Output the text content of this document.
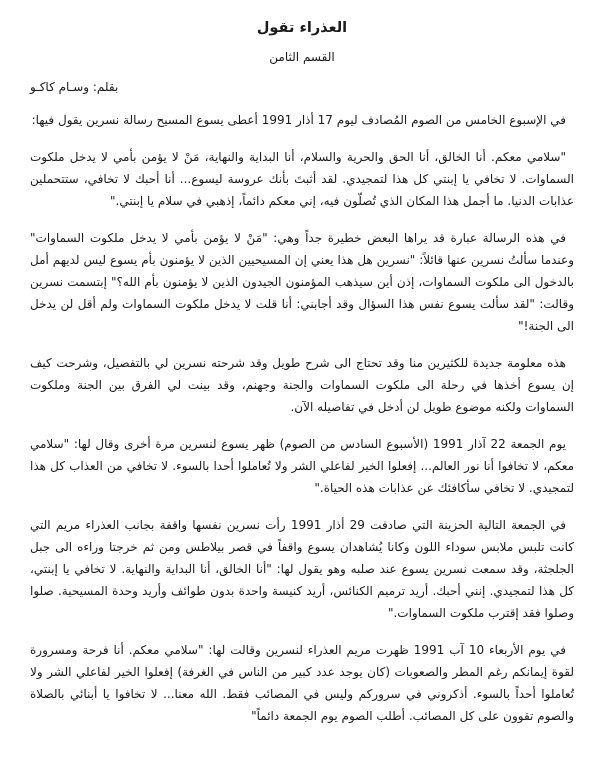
العذراء تقول
القسم الثامن
بقلم: وسـام كاكـو

في الإسبوع الخامس من الصوم المُصادف ليوم 17 أذار 1991 أعطى يسوع المسيح رسالة نسرين يقول فيها:

"سلامي معكم. أنا الخالق، أنا الحق والحرية والسلام، أنا البداية والنهاية، مَنْ لا يؤمن بأمي لا يدخل ملكوت السماوات. لا تخافي يا إبنتي كل هذا لتمجيدي. لقد أثبتَ بأنك عروسة ليسوع... أنا أحبك لا تخافي، ستتحملين عذابات الدنيا. ما أجمل هذا المكان الذي تُصلّون فيه، إني معكم دائماً، إذهبي في سلام يا إبنتي."

في هذه الرسالة عبارة قد يراها البعض خطيرة جداً وهي: "مَنْ لا يؤمن بأمي لا يدخل ملكوت السماوات" وعندما سألتُ نسرين عنها قائلاً: "نسرين هل هذا يعني إن المسيحيين الذين لا يؤمنون بأم يسوع ليس لديهم أمل بالدخول الى ملكوت السماوات، إذن أين سيذهب المؤمنون الجيدون الذين لا يؤمنون بأم الله؟" إبتسمت نسرين وقالت: "لقد سألت يسوع نفس هذا السؤال وقد أجابني: أنا قلت لا يدخل ملكوت السماوات ولم أقل لن يدخل الى الجنة!"

هذه معلومة جديدة للكثيرين منا وقد تحتاج الى شرح طويل وقد شرحته نسرين لي بالتفصيل، وشرحت كيف إن يسوع أخذها في رحلة الى ملكوت السماوات والجنة وجهنم، وقد بينت لي الفرق بين الجنة وملكوت السماوات ولكنه موضوع طويل لن أدخل في تفاصيله الآن.

يوم الجمعة 22 آذار 1991 (الأسبوع السادس من الصوم) ظهر يسوع لنسرين مرة أخرى وقال لها: "سلامي معكم، لا تخافوا أنا نور العالم... إفعلوا الخير لفاعلي الشر ولا تُعاملوا أحدا بالسوء. لا تخافي من العذاب كل هذا لتمجيدي. لا تخافي سأكافئك عن عذابات هذه الحياة."

في الجمعة التالية الحزينة التي صادفت 29 أذار 1991 رأت نسرين نفسها واقفة بجانب العذراء مريم التي كانت تلبس ملابس سوداء اللون وكانا يُشاهدان يسوع واقفاً في قصر بيلاطس ومن ثم خرجتا وراءه الى جبل الجلجثة، وقد سمعت نسرين يسوع عند صلبه وهو يقول لها: "أنا الخالق، أنا البداية والنهاية. لا تخافي يا إبنتي، كل هذا لتمجيدي. إنني أحبك. أريد ترميم الكنائس، أريد كنيسة واحدة بدون طوائف وأريد وحدة المسيحية. صلوا وصلوا فقد إقترب ملكوت السماوات."

في يوم الأربعاء 10 آب 1991 ظهرت مريم العذراء لنسرين وقالت لها: "سلامي معكم. أنا فرحة ومسرورة لقوة إيمانكم رغم المطر والصعوبات (كان يوجد عدد كبير من الناس في الغرفة) إفعلوا الخير لفاعلي الشر ولا تُعاملوا أحداً بالسوء. أذكروني في سروركم وليس في المصائب فقط. الله معنا... لا تخافوا يا أبنائي بالصلاة والصوم تقوون على كل المصائب. أطلب الصوم يوم الجمعة دائماً"
